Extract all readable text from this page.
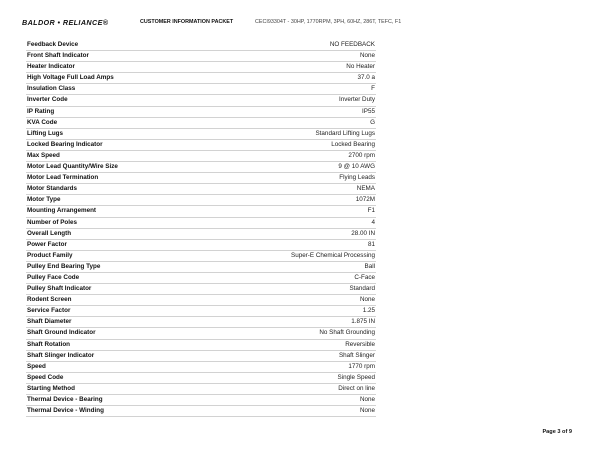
BALDOR • RELIANCE®	CUSTOMER INFORMATION PACKET	CECI93304T - 30HP, 1770RPM, 3PH, 60HZ, 286T, TEFC, F1
Feedback Device	NO FEEDBACK
Front Shaft Indicator	None
Heater Indicator	No Heater
High Voltage Full Load Amps	37.0 a
Insulation Class	F
Inverter Code	Inverter Duty
IP Rating	IP55
KVA Code	G
Lifting Lugs	Standard Lifting Lugs
Locked Bearing Indicator	Locked Bearing
Max Speed	2700 rpm
Motor Lead Quantity/Wire Size	9 @ 10 AWG
Motor Lead Termination	Flying Leads
Motor Standards	NEMA
Motor Type	1072M
Mounting Arrangement	F1
Number of Poles	4
Overall Length	28.00 IN
Power Factor	81
Product Family	Super-E Chemical Processing
Pulley End Bearing Type	Ball
Pulley Face Code	C-Face
Pulley Shaft Indicator	Standard
Rodent Screen	None
Service Factor	1.25
Shaft Diameter	1.875 IN
Shaft Ground Indicator	No Shaft Grounding
Shaft Rotation	Reversible
Shaft Slinger Indicator	Shaft Slinger
Speed	1770 rpm
Speed Code	Single Speed
Starting Method	Direct on line
Thermal Device - Bearing	None
Thermal Device - Winding	None
Page 3 of 9
